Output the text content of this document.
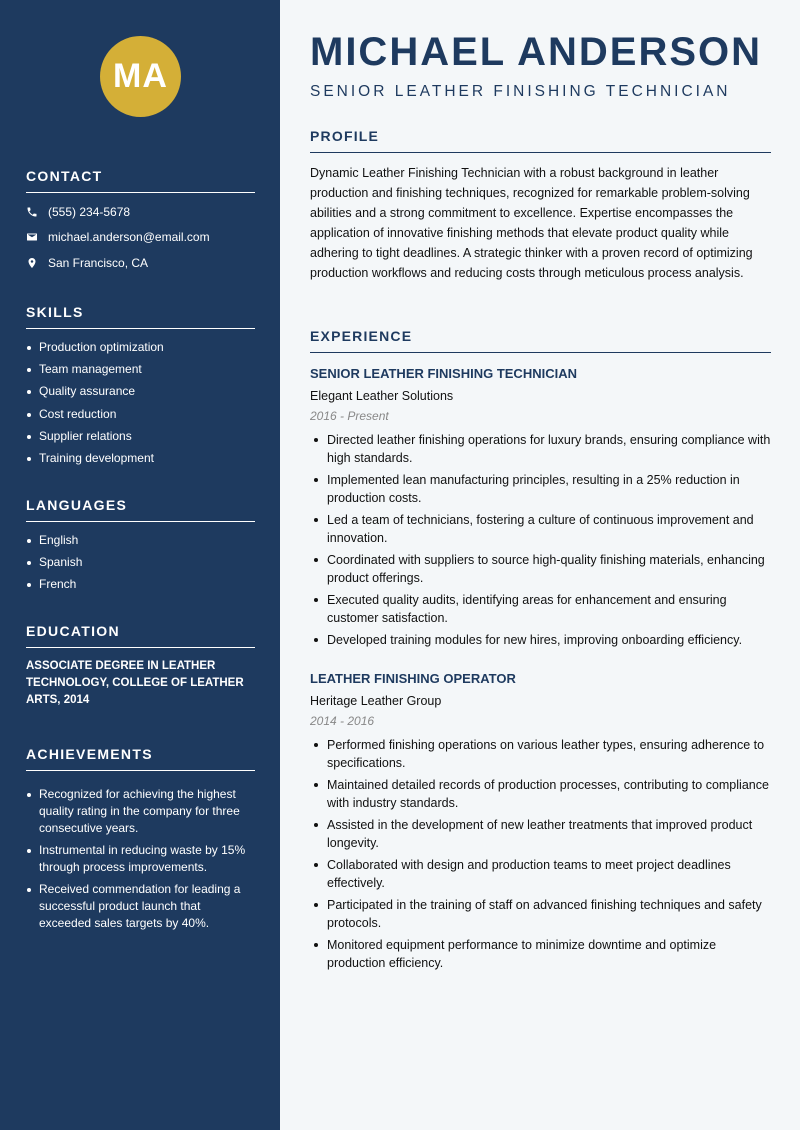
MA
CONTACT
(555) 234-5678
michael.anderson@email.com
San Francisco, CA
SKILLS
Production optimization
Team management
Quality assurance
Cost reduction
Supplier relations
Training development
LANGUAGES
English
Spanish
French
EDUCATION
ASSOCIATE DEGREE IN LEATHER TECHNOLOGY, COLLEGE OF LEATHER ARTS, 2014
ACHIEVEMENTS
Recognized for achieving the highest quality rating in the company for three consecutive years.
Instrumental in reducing waste by 15% through process improvements.
Received commendation for leading a successful product launch that exceeded sales targets by 40%.
MICHAEL ANDERSON
SENIOR LEATHER FINISHING TECHNICIAN
PROFILE
Dynamic Leather Finishing Technician with a robust background in leather production and finishing techniques, recognized for remarkable problem-solving abilities and a strong commitment to excellence. Expertise encompasses the application of innovative finishing methods that elevate product quality while adhering to tight deadlines. A strategic thinker with a proven record of optimizing production workflows and reducing costs through meticulous process analysis.
EXPERIENCE
SENIOR LEATHER FINISHING TECHNICIAN
Elegant Leather Solutions
2016 - Present
Directed leather finishing operations for luxury brands, ensuring compliance with high standards.
Implemented lean manufacturing principles, resulting in a 25% reduction in production costs.
Led a team of technicians, fostering a culture of continuous improvement and innovation.
Coordinated with suppliers to source high-quality finishing materials, enhancing product offerings.
Executed quality audits, identifying areas for enhancement and ensuring customer satisfaction.
Developed training modules for new hires, improving onboarding efficiency.
LEATHER FINISHING OPERATOR
Heritage Leather Group
2014 - 2016
Performed finishing operations on various leather types, ensuring adherence to specifications.
Maintained detailed records of production processes, contributing to compliance with industry standards.
Assisted in the development of new leather treatments that improved product longevity.
Collaborated with design and production teams to meet project deadlines effectively.
Participated in the training of staff on advanced finishing techniques and safety protocols.
Monitored equipment performance to minimize downtime and optimize production efficiency.
